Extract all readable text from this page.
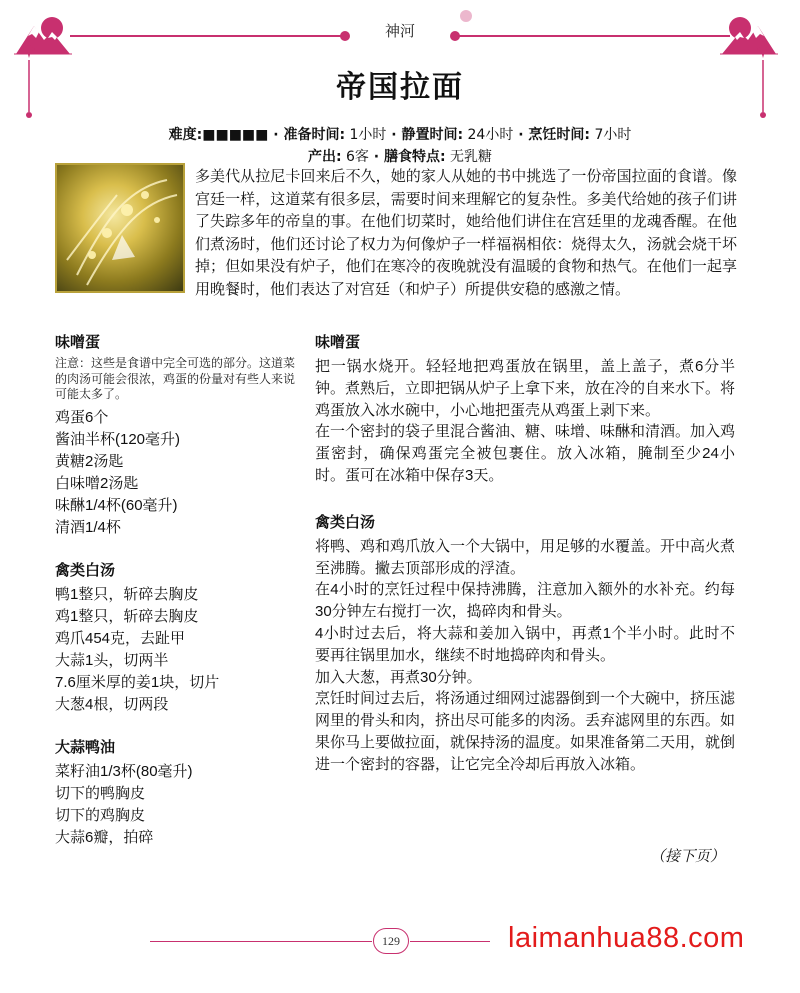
神河
帝国拉面
难度:■■■■■ · 准备时间: 1小时 · 静置时间: 24小时 · 烹饪时间: 7小时
产出: 6客 · 膳食特点: 无乳糖

多美代从拉尼卡回来后不久，她的家人从她的书中挑选了一份帝国拉面的食谱。像宫廷一样，这道菜有很多层，需要时间来理解它的复杂性。多美代给她的孩子们讲了失踪多年的帝皇的事。在他们切菜时，她给他们讲住在宫廷里的龙魂香醒。在他们煮汤时，他们还讨论了权力为何像炉子一样福祸相依：烧得太久，汤就会烧干坏掉；但如果没有炉子，他们在寒冷的夜晚就没有温暖的食物和热气。在他们一起享用晚餐时，他们表达了对宫廷（和炉子）所提供安稳的感激之情。

味噌蛋
注意：这些是食谱中完全可选的部分。这道菜的肉汤可能会很浓，鸡蛋的份量对有些人来说可能太多了。
鸡蛋6个
酱油半杯(120毫升)
黄糖2汤匙
白味噌2汤匙
味醂1/4杯(60毫升)
清酒1/4杯
禽类白汤
鸭1整只，斩碎去胸皮
鸡1整只，斩碎去胸皮
鸡爪454克，去趾甲
大蒜1头，切两半
7.6厘米厚的姜1块，切片
大葱4根，切两段
大蒜鸭油
菜籽油1/3杯(80毫升)
切下的鸭胸皮
切下的鸡胸皮
大蒜6瓣，拍碎
味噌蛋

把一锅水烧开。轻轻地把鸡蛋放在锅里，盖上盖子，煮6分半钟。煮熟后，立即把锅从炉子上拿下来，放在冷的自来水下。将鸡蛋放入冰水碗中，小心地把蛋壳从鸡蛋上剥下来。

在一个密封的袋子里混合酱油、糖、味增、味醂和清酒。加入鸡蛋密封，确保鸡蛋完全被包裹住。放入冰箱，腌制至少24小时。蛋可在冰箱中保存3天。

禽类白汤

将鸭、鸡和鸡爪放入一个大锅中，用足够的水覆盖。开中高火煮至沸腾。撇去顶部形成的浮渣。

在4小时的烹饪过程中保持沸腾，注意加入额外的水补充。约每30分钟左右搅打一次，捣碎肉和骨头。

4小时过去后，将大蒜和姜加入锅中，再煮1个半小时。此时不要再往锅里加水，继续不时地捣碎肉和骨头。

加入大葱，再煮30分钟。

烹饪时间过去后，将汤通过细网过滤器倒到一个大碗中，挤压滤网里的骨头和肉，挤出尽可能多的肉汤。丢弃滤网里的东西。如果你马上要做拉面，就保持汤的温度。如果准备第二天用，就倒进一个密封的容器，让它完全冷却后再放入冰箱。

（接下页）
129	laimanhua88.com
